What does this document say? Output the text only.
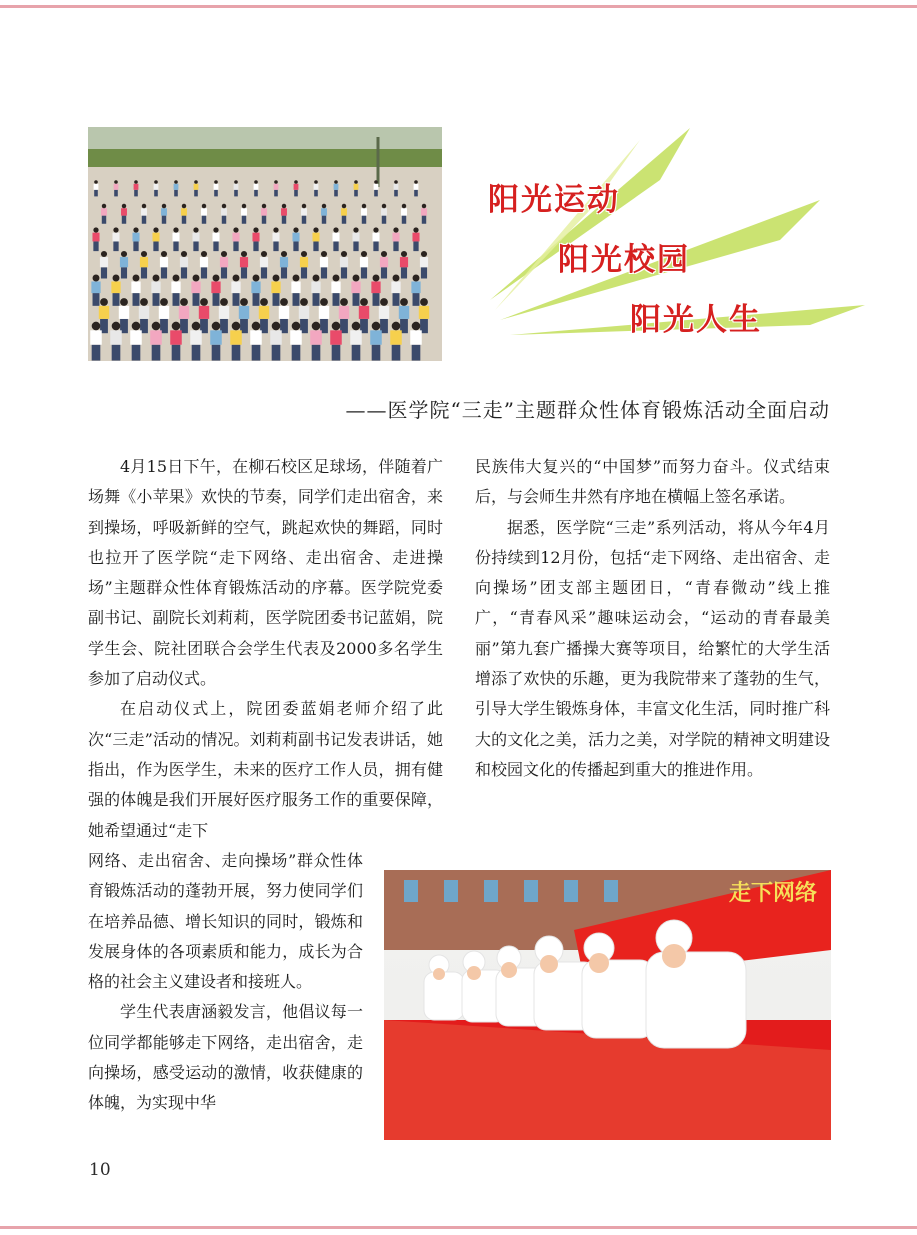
阳光运动
阳光校园
阳光人生
——医学院“三走”主题群众性体育锻炼活动全面启动

4月15日下午，在柳石校区足球场，伴随着广场舞《小苹果》欢快的节奏，同学们走出宿舍，来到操场，呼吸新鲜的空气，跳起欢快的舞蹈，同时也拉开了医学院“走下网络、走出宿舍、走进操场”主题群众性体育锻炼活动的序幕。医学院党委副书记、副院长刘莉莉，医学院团委书记蓝娟，院学生会、院社团联合会学生代表及2000多名学生参加了启动仪式。

在启动仪式上，院团委蓝娟老师介绍了此次“三走”活动的情况。刘莉莉副书记发表讲话，她指出，作为医学生，未来的医疗工作人员，拥有健强的体魄是我们开展好医疗服务工作的重要保障，她希望通过“走下

网络、走出宿舍、走向操场”群众性体育锻炼活动的蓬勃开展，努力使同学们在培养品德、增长知识的同时，锻炼和发展身体的各项素质和能力，成长为合格的社会主义建设者和接班人。

学生代表唐涵毅发言，他倡议每一位同学都能够走下网络，走出宿舍，走向操场，感受运动的激情，收获健康的体魄，为实现中华

民族伟大复兴的“中国梦”而努力奋斗。仪式结束后，与会师生井然有序地在横幅上签名承诺。

据悉，医学院“三走”系列活动，将从今年4月份持续到12月份，包括“走下网络、走出宿舍、走向操场”团支部主题团日，“青春微动”线上推广，“青春风采”趣味运动会，“运动的青春最美丽”第九套广播操大赛等项目，给繁忙的大学生活增添了欢快的乐趣，更为我院带来了蓬勃的生气，引导大学生锻炼身体，丰富文化生活，同时推广科大的文化之美，活力之美，对学院的精神文明建设和校园文化的传播起到重大的推进作用。

走下网络
10
